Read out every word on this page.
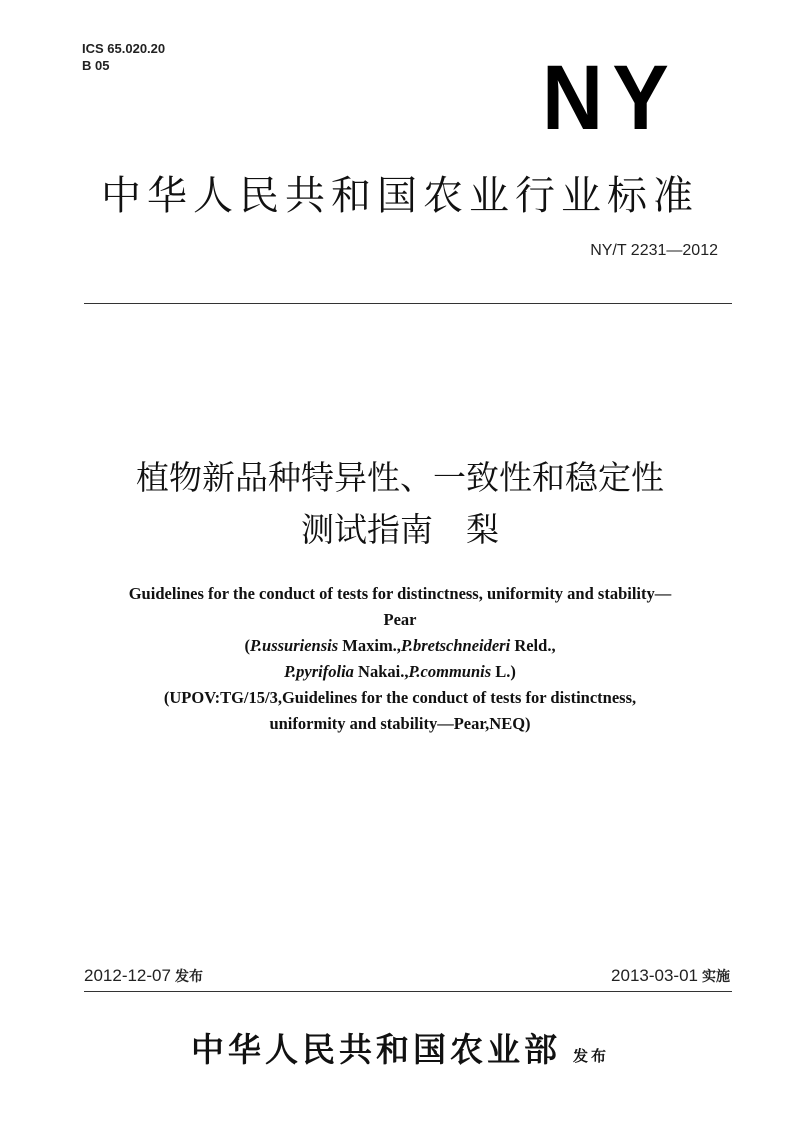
ICS 65.020.20
B 05	NY
中华人民共和国农业行业标准
NY/T 2231—2012
植物新品种特异性、一致性和稳定性
测试指南　梨
Guidelines for the conduct of tests for distinctness, uniformity and stability—
Pear
(P.ussuriensis Maxim.,P.bretschneideri Reld.,
P.pyrifolia Nakai.,P.communis L.)
(UPOV:TG/15/3,Guidelines for the conduct of tests for distinctness,
uniformity and stability—Pear,NEQ)
2012-12-07 发布	2013-03-01 实施
中华人民共和国农业部 发布
